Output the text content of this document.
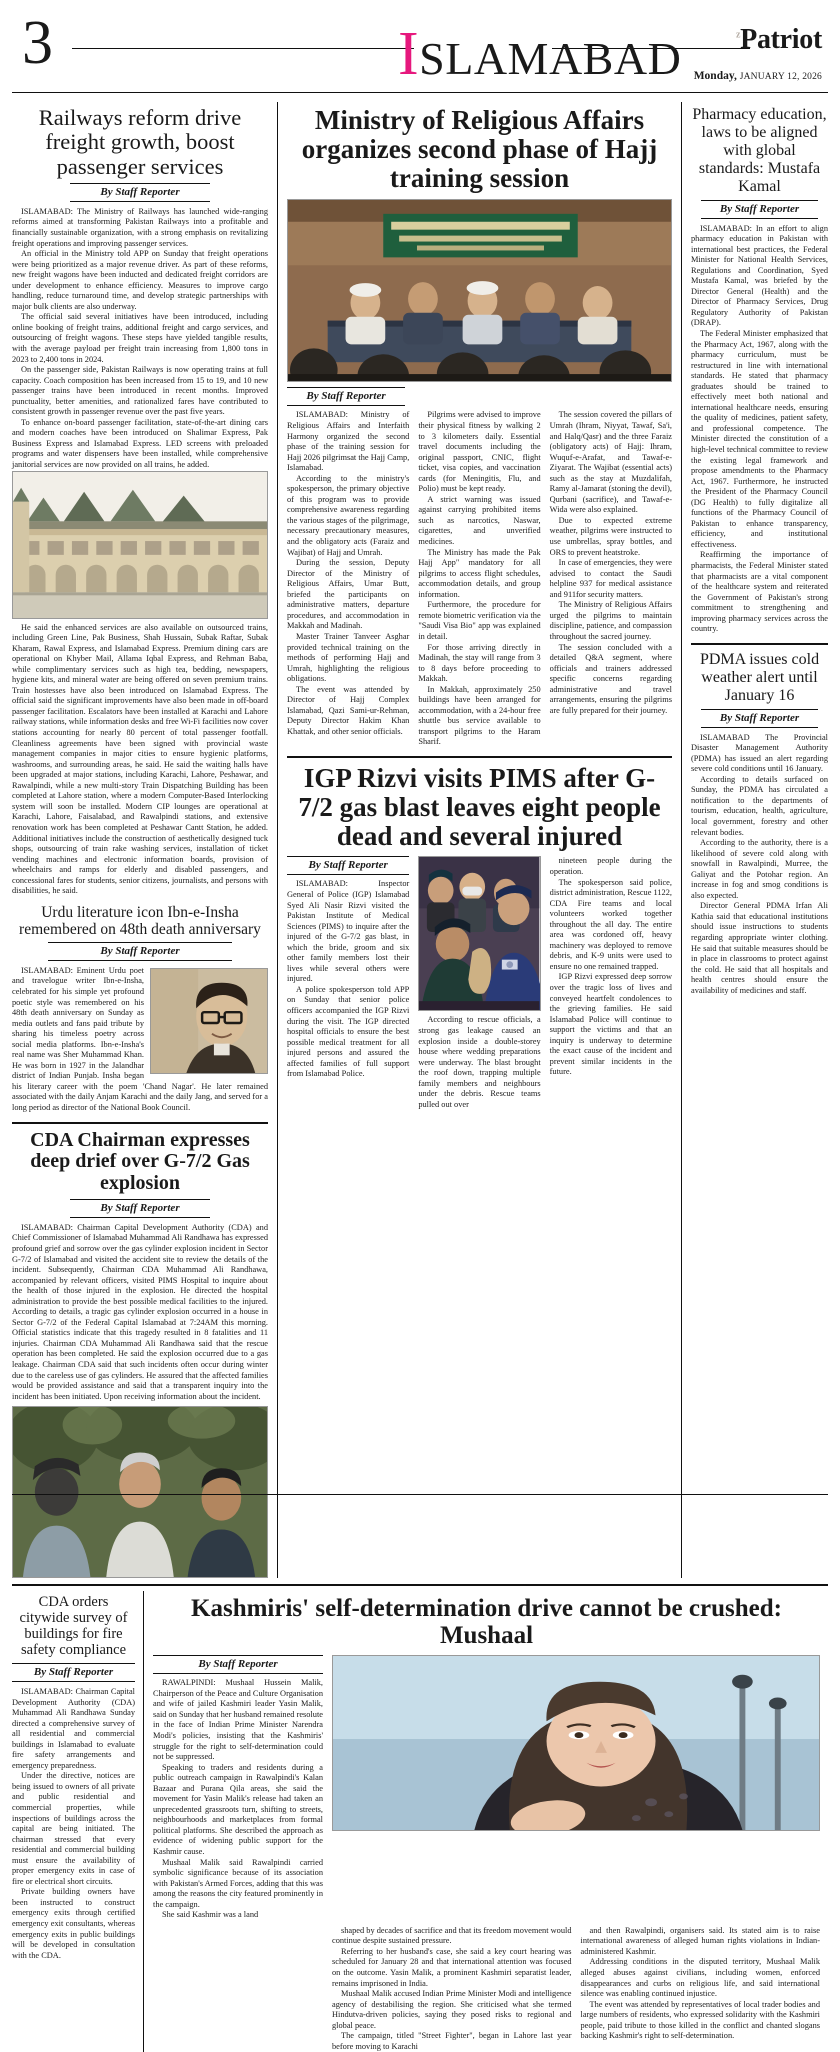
3	ISLAMABAD	$^z$Patriot
Monday, JANUARY 12, 2026
Railways reform drive freight growth, boost passenger services
By Staff Reporter

ISLAMABAD: The Ministry of Railways has launched wide-ranging reforms aimed at transforming Pakistan Railways into a profitable and financially sustainable organization, with a strong emphasis on revitalizing freight operations and improving passenger services.

An official in the Ministry told APP on Sunday that freight operations were being prioritized as a major revenue driver. As part of these reforms, new freight wagons have been inducted and dedicated freight corridors are under development to enhance efficiency. Measures to improve cargo handling, reduce turnaround time, and develop strategic partnerships with major bulk clients are also underway.

The official said several initiatives have been introduced, including online booking of freight trains, additional freight and cargo services, and outsourcing of freight wagons. These steps have yielded tangible results, with the average payload per freight train increasing from 1,800 tons in 2023 to 2,400 tons in 2024.

On the passenger side, Pakistan Railways is now operating trains at full capacity. Coach composition has been increased from 15 to 19, and 10 new passenger trains have been introduced in recent months. Improved punctuality, better amenities, and rationalized fares have contributed to consistent growth in passenger revenue over the past five years.

To enhance on-board passenger facilitation, state-of-the-art dining cars and modern coaches have been introduced on Shalimar Express, Pak Business Express and Islamabad Express. LED screens with preloaded programs and water dispensers have been installed, while comprehensive janitorial services are now provided on all trains, he added.

He said the enhanced services are also available on outsourced trains, including Green Line, Pak Business, Shah Hussain, Subak Raftar, Subak Kharam, Rawal Express, and Islamabad Express. Premium dining cars are operational on Khyber Mail, Allama Iqbal Express, and Rehman Baba, while complimentary services such as high tea, bedding, newspapers, hygiene kits, and mineral water are being offered on seven premium trains. Train hostesses have also been introduced on Islamabad Express. The official said the significant improvements have also been made in off-board passenger facilitation. Escalators have been installed at Karachi and Lahore railway stations, while information desks and free Wi-Fi facilities now cover stations accounting for nearly 80 percent of total passenger footfall. Cleanliness agreements have been signed with provincial waste management companies in major cities to ensure hygienic platforms, washrooms, and surrounding areas, he said. He said the waiting halls have been upgraded at major stations, including Karachi, Lahore, Peshawar, and Rawalpindi, while a new multi-story Train Dispatching Building has been completed at Lahore station, where a modern Computer-Based Interlocking system will soon be installed. Modern CIP lounges are operational at Karachi, Lahore, Faisalabad, and Rawalpindi stations, and extensive renovation work has been completed at Peshawar Cantt Station, he added. Additional initiatives include the construction of aesthetically designed tuck shops, outsourcing of train rake washing services, installation of ticket vending machines and electronic information boards, provision of wheelchairs and ramps for elderly and disabled passengers, and concessional fares for students, senior citizens, journalists, and persons with disabilities, he said.

Urdu literature icon Ibn-e-Insha remembered on 48th death anniversary
By Staff Reporter

ISLAMABAD: Eminent Urdu poet and travelogue writer Ibn-e-Insha, celebrated for his simple yet profound poetic style was remembered on his 48th death anniversary on Sunday as media outlets and fans paid tribute by sharing his timeless poetry across social media platforms. Ibn-e-Insha's real name was Sher Muhammad Khan. He was born in 1927 in the Jalandhar district of Indian Punjab. Insha began his literary career with the poem 'Chand Nagar'. He later remained associated with the daily Anjam Karachi and the daily Jang, and served for a long period as director of the National Book Council.

CDA Chairman expresses deep drief over G-7/2 Gas explosion
By Staff Reporter

ISLAMABAD: Chairman Capital Development Authority (CDA) and Chief Commissioner of Islamabad Muhammad Ali Randhawa has expressed profound grief and sorrow over the gas cylinder explosion incident in Sector G-7/2 of Islamabad and visited the accident site to review the details of the incident. Subsequently, Chairman CDA Muhammad Ali Randhawa, accompanied by relevant officers, visited PIMS Hospital to inquire about the health of those injured in the explosion. He directed the hospital administration to provide the best possible medical facilities to the injured. According to details, a tragic gas cylinder explosion occurred in a house in Sector G-7/2 of the Federal Capital Islamabad at 7:24AM this morning. Official statistics indicate that this tragedy resulted in 8 fatalities and 11 injuries. Chairman CDA Muhammad Ali Randhawa said that the rescue operation has been completed. He said the explosion occurred due to a gas leakage. Chairman CDA said that such incidents often occur during winter due to the careless use of gas cylinders. He assured that the affected families would be provided assistance and said that a transparent inquiry into the incident has been initiated. Upon receiving information about the incident.

Ministry of Religious Affairs organizes second phase of Hajj training session
By Staff Reporter

ISLAMABAD: Ministry of Religious Affairs and Interfaith Harmony organized the second phase of the training session for Hajj 2026 pilgrimsat the Hajj Camp, Islamabad.

According to the ministry's spokesperson, the primary objective of this program was to provide comprehensive awareness regarding the various stages of the pilgrimage, necessary precautionary measures, and the obligatory acts (Faraiz and Wajibat) of Hajj and Umrah.

During the session, Deputy Director of the Ministry of Religious Affairs, Umar Butt, briefed the participants on administrative matters, departure procedures, and accommodation in Makkah and Madinah.

Master Trainer Tanveer Asghar provided technical training on the methods of performing Hajj and Umrah, highlighting the religious obligations.

The event was attended by Director of Hajj Complex Islamabad, Qazi Sami-ur-Rehman, Deputy Director Hakim Khan Khattak, and other senior officials.

Pilgrims were advised to improve their physical fitness by walking 2 to 3 kilometers daily. Essential travel documents including the original passport, CNIC, flight ticket, visa copies, and vaccination cards (for Meningitis, Flu, and Polio) must be kept ready.

A strict warning was issued against carrying prohibited items such as narcotics, Naswar, cigarettes, and unverified medicines.

The Ministry has made the Pak Hajj App" mandatory for all pilgrims to access flight schedules, accommodation details, and group information.

Furthermore, the procedure for remote biometric verification via the "Saudi Visa Bio" app was explained in detail.

For those arriving directly in Madinah, the stay will range from 3 to 8 days before proceeding to Makkah.

In Makkah, approximately 250 buildings have been arranged for accommodation, with a 24-hour free shuttle bus service available to transport pilgrims to the Haram Sharif.

The session covered the pillars of Umrah (Ihram, Niyyat, Tawaf, Sa'i, and Halq/Qasr) and the three Faraiz (obligatory acts) of Hajj: Ihram, Wuquf-e-Arafat, and Tawaf-e-Ziyarat. The Wajibat (essential acts) such as the stay at Muzdalifah, Ramy al-Jamarat (stoning the devil), Qurbani (sacrifice), and Tawaf-e-Wida were also explained.

Due to expected extreme weather, pilgrims were instructed to use umbrellas, spray bottles, and ORS to prevent heatstroke.

In case of emergencies, they were advised to contact the Saudi helpline 937 for medical assistance and 911for security matters.

The Ministry of Religious Affairs urged the pilgrims to maintain discipline, patience, and compassion throughout the sacred journey.

The session concluded with a detailed Q&A segment, where officials and trainers addressed specific concerns regarding administrative and travel arrangements, ensuring the pilgrims are fully prepared for their journey.

IGP Rizvi visits PIMS after G-7/2 gas blast leaves eight people dead and several injured
By Staff Reporter

ISLAMABAD: Inspector General of Police (IGP) Islamabad Syed Ali Nasir Rizvi visited the Pakistan Institute of Medical Sciences (PIMS) to inquire after the injured of the G-7/2 gas blast, in which the bride, groom and six other family members lost their lives while several others were injured.

A police spokesperson told APP on Sunday that senior police officers accompanied the IGP Rizvi during the visit. The IGP directed hospital officials to ensure the best possible medical treatment for all injured persons and assured the affected families of full support from Islamabad Police.

According to rescue officials, a strong gas leakage caused an explosion inside a double-storey house where wedding preparations were underway. The blast brought the roof down, trapping multiple family members and neighbours under the debris. Rescue teams pulled out over

nineteen people during the operation.

The spokesperson said police, district administration, Rescue 1122, CDA Fire teams and local volunteers worked together throughout the all day. The entire area was cordoned off, heavy machinery was deployed to remove debris, and K-9 units were used to ensure no one remained trapped.

IGP Rizvi expressed deep sorrow over the tragic loss of lives and conveyed heartfelt condolences to the grieving families. He said Islamabad Police will continue to support the victims and that an inquiry is underway to determine the exact cause of the incident and prevent similar incidents in the future.

Pharmacy education, laws to be aligned with global standards: Mustafa Kamal
By Staff Reporter

ISLAMABAD: In an effort to align pharmacy education in Pakistan with international best practices, the Federal Minister for National Health Services, Regulations and Coordination, Syed Mustafa Kamal, was briefed by the Director General (Health) and the Director of Pharmacy Services, Drug Regulatory Authority of Pakistan (DRAP).

The Federal Minister emphasized that the Pharmacy Act, 1967, along with the pharmacy curriculum, must be restructured in line with international standards. He stated that pharmacy graduates should be trained to effectively meet both national and international healthcare needs, ensuring the quality of medicines, patient safety, and professional competence. The Minister directed the constitution of a high-level technical committee to review the existing legal framework and propose amendments to the Pharmacy Act, 1967. Furthermore, he instructed the President of the Pharmacy Council (DG Health) to fully digitalize all functions of the Pharmacy Council of Pakistan to enhance transparency, efficiency, and institutional effectiveness.

Reaffirming the importance of pharmacists, the Federal Minister stated that pharmacists are a vital component of the healthcare system and reiterated the Government of Pakistan's strong commitment to strengthening and improving pharmacy services across the country.

PDMA issues cold weather alert until January 16
By Staff Reporter

ISLAMABAD The Provincial Disaster Management Authority (PDMA) has issued an alert regarding severe cold conditions until 16 January.

According to details surfaced on Sunday, the PDMA has circulated a notification to the departments of tourism, education, health, agriculture, local government, forestry and other relevant bodies.

According to the authority, there is a likelihood of severe cold along with snowfall in Rawalpindi, Murree, the Galiyat and the Potohar region. An increase in fog and smog conditions is also expected.

Director General PDMA Irfan Ali Kathia said that educational institutions should issue instructions to students regarding appropriate winter clothing. He said that suitable measures should be in place in classrooms to protect against the cold. He said that all hospitals and health centres should ensure the availability of medicines and staff.

CDA orders citywide survey of buildings for fire safety compliance
By Staff Reporter

ISLAMABAD: Chairman Capital Development Authority (CDA) Muhammad Ali Randhawa Sunday directed a comprehensive survey of all residential and commercial buildings in Islamabad to evaluate fire safety arrangements and emergency preparedness.

Under the directive, notices are being issued to owners of all private and public residential and commercial properties, while inspections of buildings across the capital are being initiated. The chairman stressed that every residential and commercial building must ensure the availability of proper emergency exits in case of fire or electrical short circuits.

Private building owners have been instructed to construct emergency exits through certified emergency exit consultants, whereas emergency exits in public buildings will be developed in consultation with the CDA.

Kashmiris' self-determination drive cannot be crushed: Mushaal
By Staff Reporter

RAWALPINDI: Mushaal Hussein Malik, Chairperson of the Peace and Culture Organisation and wife of jailed Kashmiri leader Yasin Malik, said on Sunday that her husband remained resolute in the face of Indian Prime Minister Narendra Modi's policies, insisting that the Kashmiris' struggle for the right to self-determination could not be suppressed.

Speaking to traders and residents during a public outreach campaign in Rawalpindi's Kalan Bazaar and Purana Qila areas, she said the movement for Yasin Malik's release had taken an unprecedented grassroots turn, shifting to streets, neighbourhoods and marketplaces from formal political platforms. She described the approach as evidence of widening public support for the Kashmir cause.

Mushaal Malik said Rawalpindi carried symbolic significance because of its association with Pakistan's Armed Forces, adding that this was among the reasons the city featured prominently in the campaign.

She said Kashmir was a land

shaped by decades of sacrifice and that its freedom movement would continue despite sustained pressure.

Referring to her husband's case, she said a key court hearing was scheduled for January 28 and that international attention was focused on the outcome. Yasin Malik, a prominent Kashmiri separatist leader, remains imprisoned in India.

Mushaal Malik accused Indian Prime Minister Modi and intelligence agency of destabilising the region. She criticised what she termed Hindutva-driven policies, saying they posed risks to regional and global peace.

The campaign, titled "Street Fighter", began in Lahore last year before moving to Karachi

and then Rawalpindi, organisers said. Its stated aim is to raise international awareness of alleged human rights violations in Indian-administered Kashmir.

Addressing conditions in the disputed territory, Mushaal Malik alleged abuses against civilians, including women, enforced disappearances and curbs on religious life, and said international silence was enabling continued injustice.

The event was attended by representatives of local trader bodies and large numbers of residents, who expressed solidarity with the Kashmiri people, paid tribute to those killed in the conflict and chanted slogans backing Kashmir's right to self-determination.
